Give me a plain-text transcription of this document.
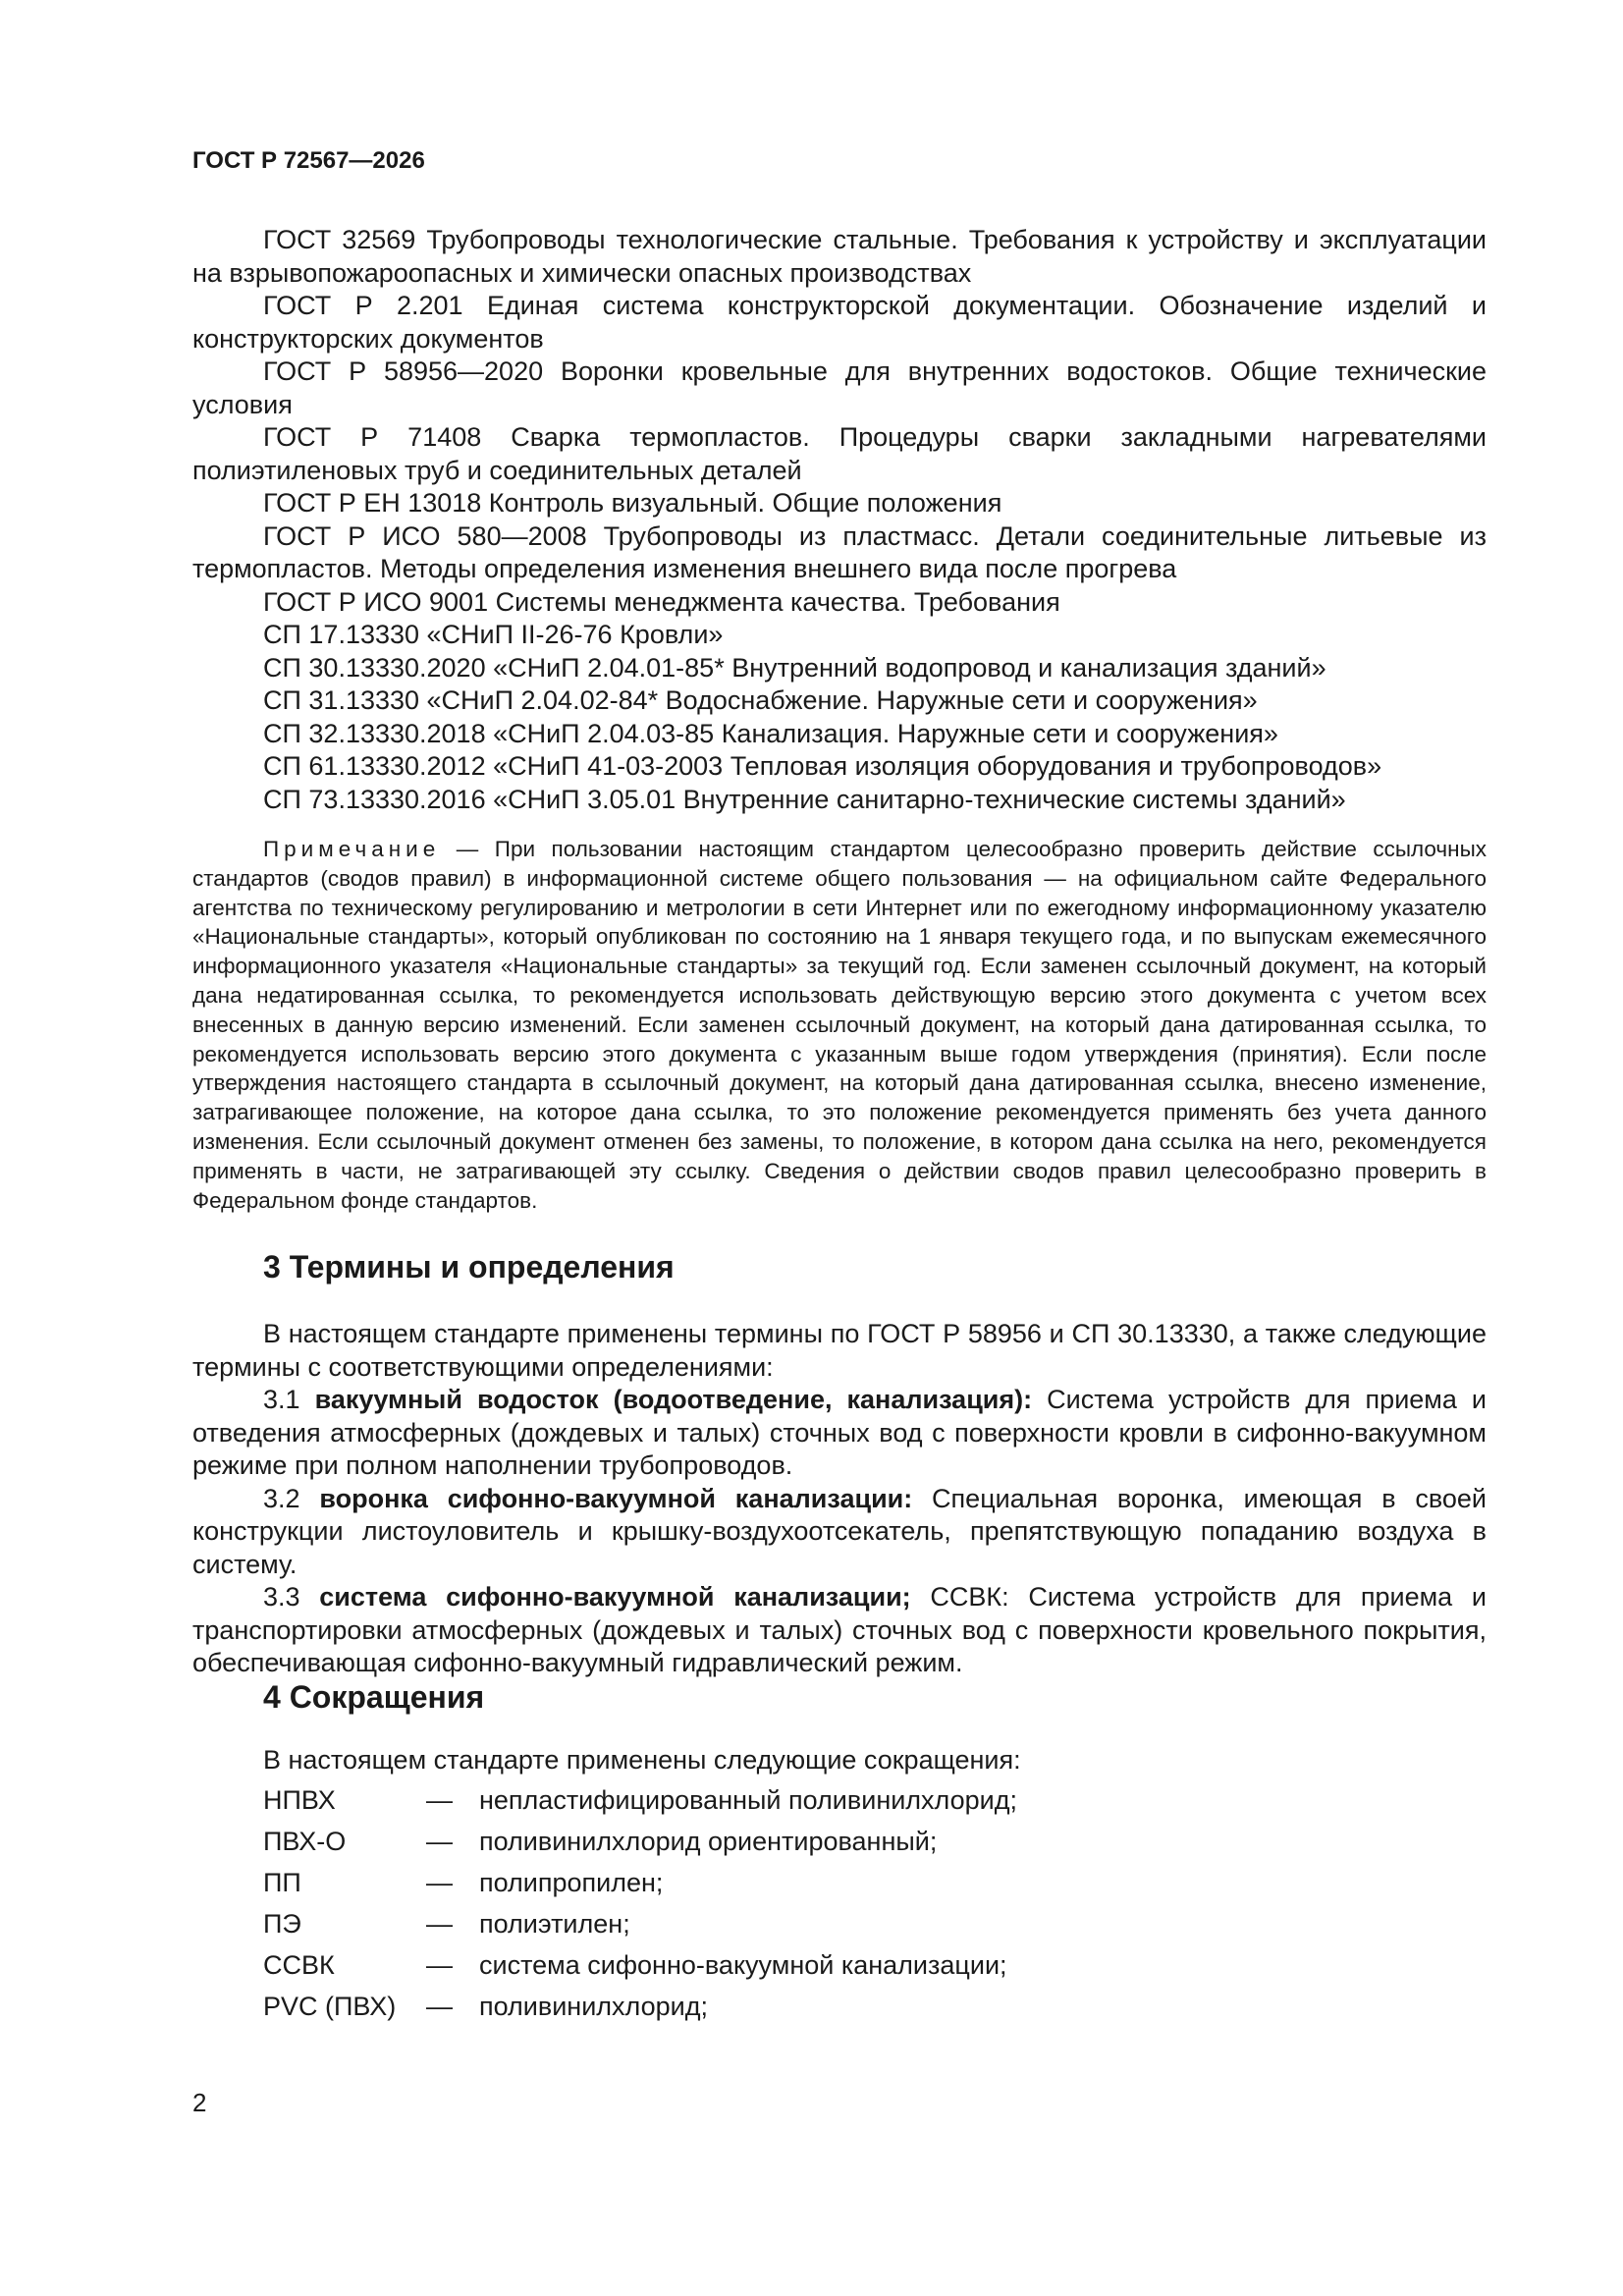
ГОСТ Р 72567—2026

ГОСТ 32569 Трубопроводы технологические стальные. Требования к устройству и эксплуатации на взрывопожароопасных и химически опасных производствах

ГОСТ Р 2.201 Единая система конструкторской документации. Обозначение изделий и конструкторских документов

ГОСТ Р 58956—2020 Воронки кровельные для внутренних водостоков. Общие технические условия

ГОСТ Р 71408 Сварка термопластов. Процедуры сварки закладными нагревателями полиэтиленовых труб и соединительных деталей

ГОСТ Р ЕН 13018 Контроль визуальный. Общие положения

ГОСТ Р ИСО 580—2008 Трубопроводы из пластмасс. Детали соединительные литьевые из термопластов. Методы определения изменения внешнего вида после прогрева

ГОСТ Р ИСО 9001 Системы менеджмента качества. Требования

СП 17.13330 «СНиП II-26-76 Кровли»

СП 30.13330.2020 «СНиП 2.04.01-85* Внутренний водопровод и канализация зданий»

СП 31.13330 «СНиП 2.04.02-84* Водоснабжение. Наружные сети и сооружения»

СП 32.13330.2018 «СНиП 2.04.03-85 Канализация. Наружные сети и сооружения»

СП 61.13330.2012 «СНиП 41-03-2003 Тепловая изоляция оборудования и трубопроводов»

СП 73.13330.2016 «СНиП 3.05.01 Внутренние санитарно-технические системы зданий»

Примечание — При пользовании настоящим стандартом целесообразно проверить действие ссылочных стандартов (сводов правил) в информационной системе общего пользования — на официальном сайте Федерального агентства по техническому регулированию и метрологии в сети Интернет или по ежегодному информационному указателю «Национальные стандарты», который опубликован по состоянию на 1 января текущего года, и по выпускам ежемесячного информационного указателя «Национальные стандарты» за текущий год. Если заменен ссылочный документ, на который дана недатированная ссылка, то рекомендуется использовать действующую версию этого документа с учетом всех внесенных в данную версию изменений. Если заменен ссылочный документ, на который дана датированная ссылка, то рекомендуется использовать версию этого документа с указанным выше годом утверждения (принятия). Если после утверждения настоящего стандарта в ссылочный документ, на который дана датированная ссылка, внесено изменение, затрагивающее положение, на которое дана ссылка, то это положение рекомендуется применять без учета данного изменения. Если ссылочный документ отменен без замены, то положение, в котором дана ссылка на него, рекомендуется применять в части, не затрагивающей эту ссылку. Сведения о действии сводов правил целесообразно проверить в Федеральном фонде стандартов.

3 Термины и определения

В настоящем стандарте применены термины по ГОСТ Р 58956 и СП 30.13330, а также следующие термины с соответствующими определениями:

3.1 вакуумный водосток (водоотведение, канализация): Система устройств для приема и отведения атмосферных (дождевых и талых) сточных вод с поверхности кровли в сифонно-вакуумном режиме при полном наполнении трубопроводов.

3.2 воронка сифонно-вакуумной канализации: Специальная воронка, имеющая в своей конструкции листоуловитель и крышку-воздухоотсекатель, препятствующую попаданию воздуха в систему.

3.3 система сифонно-вакуумной канализации; ССВК: Система устройств для приема и транспортировки атмосферных (дождевых и талых) сточных вод с поверхности кровельного покрытия, обеспечивающая сифонно-вакуумный гидравлический режим.

4 Сокращения

В настоящем стандарте применены следующие сокращения:

НПВХ	— непластифицированный поливинилхлорид;
ПВХ-О	— поливинилхлорид ориентированный;
ПП	— полипропилен;
ПЭ	— полиэтилен;
ССВК	— система сифонно-вакуумной канализации;
PVC (ПВХ) — поливинилхлорид;
2
